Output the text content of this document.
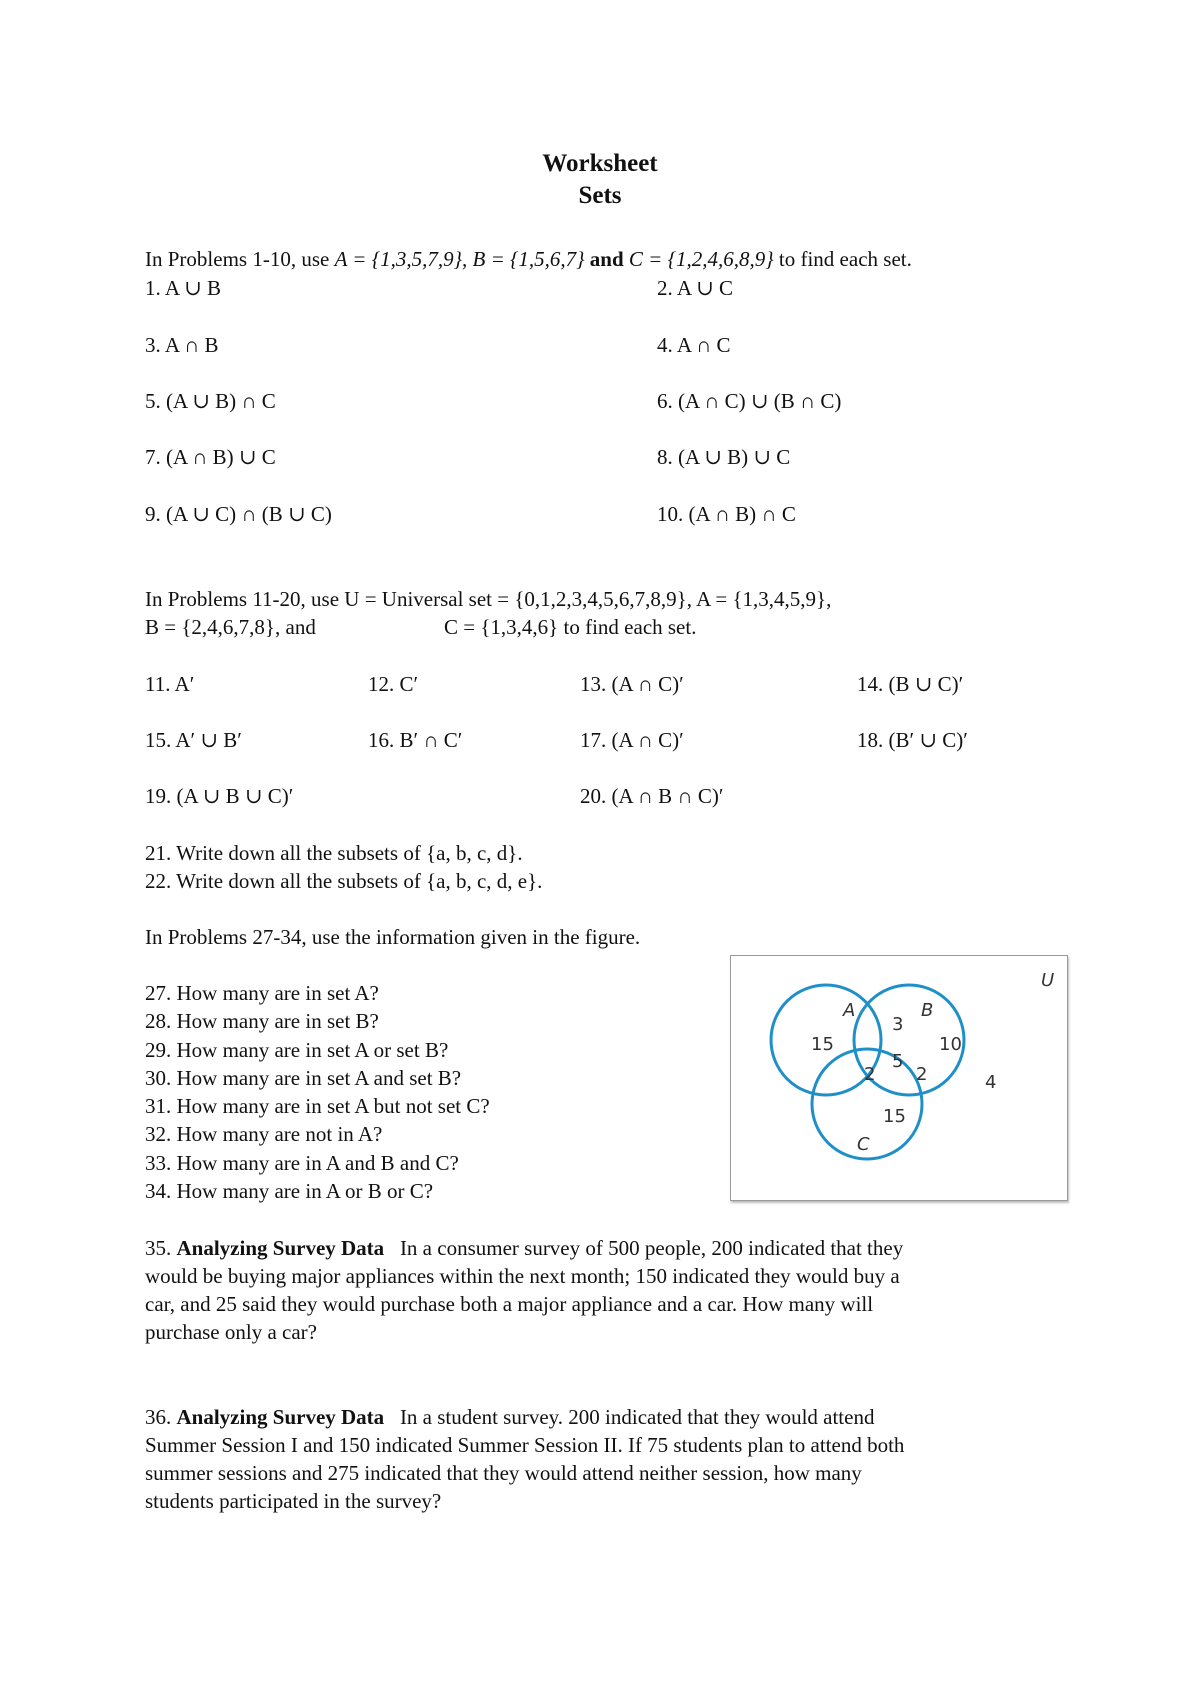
Worksheet
Sets
In Problems 1-10, use A = {1,3,5,7,9}, B = {1,5,6,7} and C = {1,2,4,6,8,9} to find each set.
1. A ∪ B	2. A ∪ C
3. A ∩ B	4. A ∩ C
5. (A ∪ B) ∩ C	6. (A ∩ C) ∪ (B ∩ C)
7. (A ∩ B) ∪ C	8. (A ∪ B) ∪ C
9. (A ∪ C) ∩ (B ∪ C)	10. (A ∩ B) ∩ C
In Problems 11-20, use U = Universal set = {0,1,2,3,4,5,6,7,8,9}, A = {1,3,4,5,9},
B = {2,4,6,7,8}, and	C = {1,3,4,6} to find each set.
11. A′	12. C′	13. (A ∩ C)′	14. (B ∪ C)′
15. A′ ∪ B′	16. B′ ∩ C′	17. (A ∩ C)′	18. (B′ ∪ C)′
19. (A ∪ B ∪ C)′	20. (A ∩ B ∩ C)′
21. Write down all the subsets of {a, b, c, d}.
22. Write down all the subsets of {a, b, c, d, e}.
In Problems 27-34, use the information given in the figure.
27. How many are in set A?
28. How many are in set B?
29. How many are in set A or set B?
30. How many are in set A and set B?
31. How many are in set A but not set C?
32. How many are not in A?
33. How many are in A and B and C?
34. How many are in A or B or C?
U
A	B
C
15
3
10
5
2 2
15
4
35. Analyzing Survey Data In a consumer survey of 500 people, 200 indicated that they
would be buying major appliances within the next month; 150 indicated they would buy a
car, and 25 said they would purchase both a major appliance and a car. How many will
purchase only a car?
36. Analyzing Survey Data In a student survey. 200 indicated that they would attend
Summer Session I and 150 indicated Summer Session II. If 75 students plan to attend both
summer sessions and 275 indicated that they would attend neither session, how many
students participated in the survey?
